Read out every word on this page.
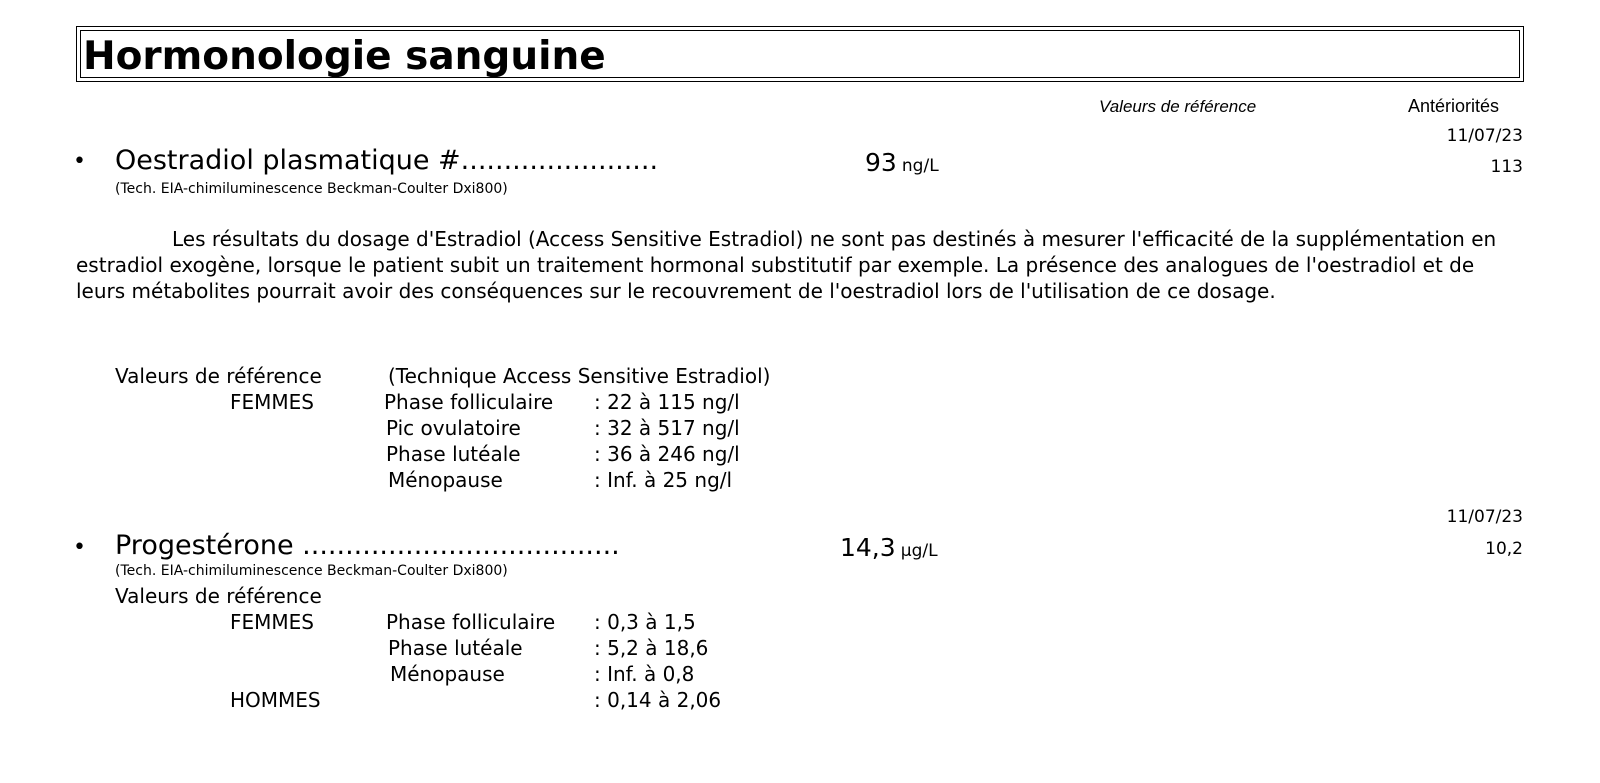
Hormonologie sanguine
Valeurs de référence	Antériorités
11/07/23
• Oestradiol plasmatique #.......................	93 ng/L	113
(Tech. EIA-chimiluminescence Beckman-Coulter Dxi800)
Les résultats du dosage d'Estradiol (Access Sensitive Estradiol) ne sont pas destinés à mesurer l'efficacité de la supplémentation en estradiol exogène, lorsque le patient subit un traitement hormonal substitutif par exemple. La présence des analogues de l'oestradiol et de leurs métabolites pourrait avoir des conséquences sur le recouvrement de l'oestradiol lors de l'utilisation de ce dosage.
Valeurs de référence	(Technique Access Sensitive Estradiol)
FEMMES	Phase folliculaire : 22 à 115 ng/l
Pic ovulatoire	: 32 à 517 ng/l
Phase lutéale	: 36 à 246 ng/l
Ménopause	: Inf. à 25 ng/l
11/07/23
• Progestérone .....................................	14,3 µg/L	10,2
(Tech. EIA-chimiluminescence Beckman-Coulter Dxi800)
Valeurs de référence
FEMMES	Phase folliculaire : 0,3 à 1,5
Phase lutéale	: 5,2 à 18,6
Ménopause	: Inf. à 0,8
HOMMES	: 0,14 à 2,06
